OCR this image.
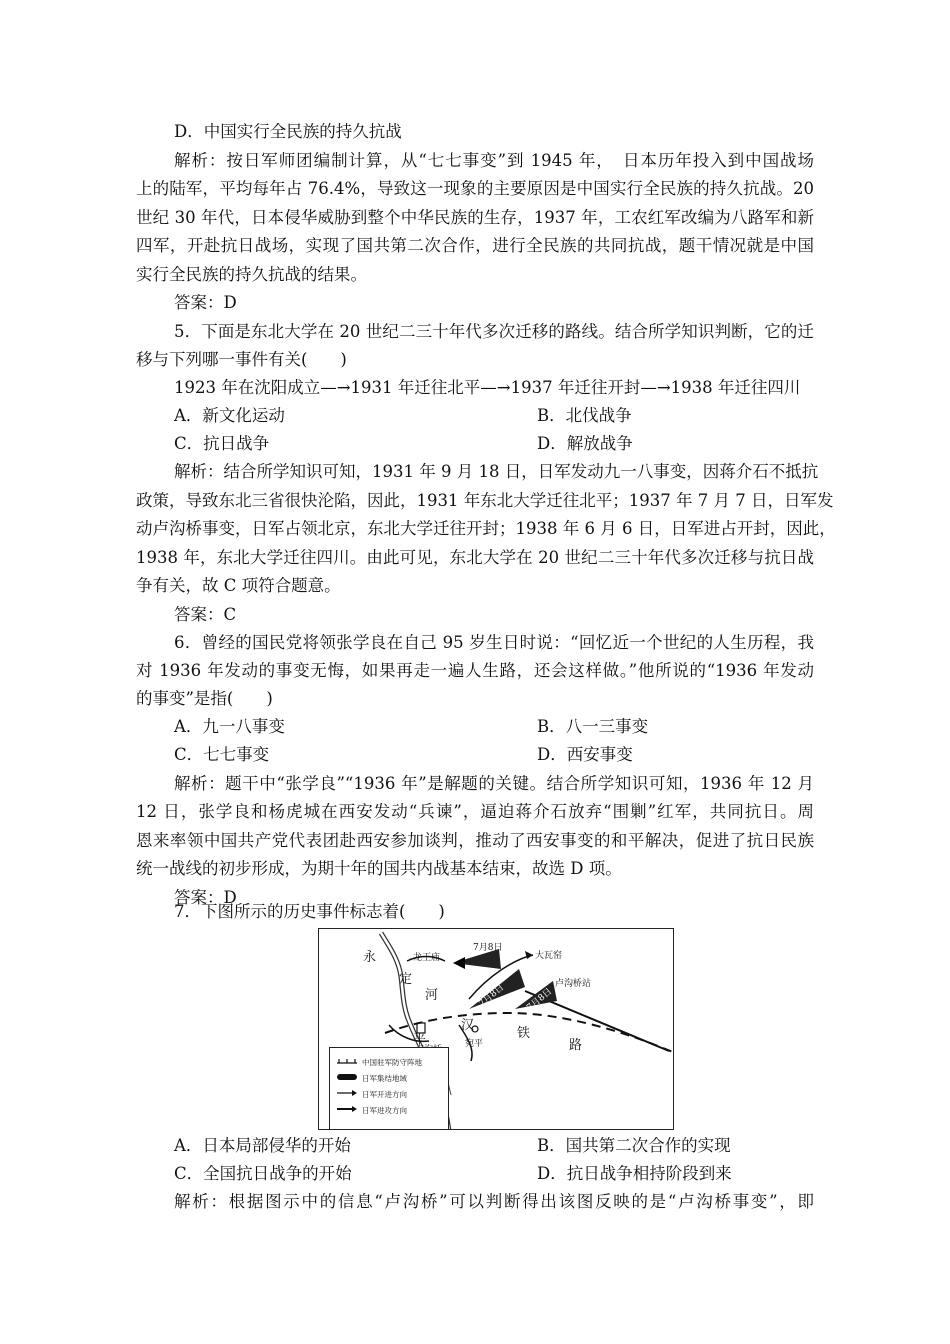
D．中国实行全民族的持久抗战
解析：按日军师团编制计算，从“七七事变”到 1945 年，　日本历年投入到中国战场
上的陆军，平均每年占 76.4%，导致这一现象的主要原因是中国实行全民族的持久抗战。20
世纪 30 年代，日本侵华威胁到整个中华民族的生存，1937 年，工农红军改编为八路军和新
四军，开赴抗日战场，实现了国共第二次合作，进行全民族的共同抗战，题干情况就是中国
实行全民族的持久抗战的结果。
答案：D
5．下面是东北大学在 20 世纪二三十年代多次迁移的路线。结合所学知识判断，它的迁
移与下列哪一事件有关(　　)
1923 年在沈阳成立—→1931 年迁往北平—→1937 年迁往开封—→1938 年迁往四川
A．新文化运动	B．北伐战争
C．抗日战争	D．解放战争
解析：结合所学知识可知，1931 年 9 月 18 日，日军发动九一八事变，因蒋介石不抵抗
政策，导致东北三省很快沦陷，因此，1931 年东北大学迁往北平；1937 年 7 月 7 日，日军发
动卢沟桥事变，日军占领北京，东北大学迁往开封；1938 年 6 月 6 日，日军进占开封，因此，
1938 年，东北大学迁往四川。由此可见，东北大学在 20 世纪二三十年代多次迁移与抗日战
争有关，故 C 项符合题意。
答案：C
6．曾经的国民党将领张学良在自己 95 岁生日时说：“回忆近一个世纪的人生历程，我
对 1936 年发动的事变无悔，如果再走一遍人生路，还会这样做。”他所说的“1936 年发动
的事变”是指(　　)
A．九一八事变	B．八一三事变
C．七七事变	D．西安事变
解析：题干中“张学良”“1936 年”是解题的关键。结合所学知识可知，1936 年 12 月
12 日，张学良和杨虎城在西安发动“兵谏”，逼迫蒋介石放弃“围剿”红军，共同抗日。周
恩来率领中国共产党代表团赴西安参加谈判，推动了西安事变的和平解决，促进了抗日民族
统一战线的初步形成，为期十年的国共内战基本结束，故选 D 项。
答案：D
7．下图所示的历史事件标志着(　　)
永
定
河
龙王庙	大瓦窑
卢沟桥站
7月8日
7月8日 7月8日
平
汉
铁
路
宛平
中国驻军防守阵地
日军集结地域
日军开进方向
日军进攻方向
A．日本局部侵华的开始	B．国共第二次合作的实现
C．全国抗日战争的开始	D．抗日战争相持阶段到来
解析：根据图示中的信息“卢沟桥”可以判断得出该图反映的是“卢沟桥事变”，即
